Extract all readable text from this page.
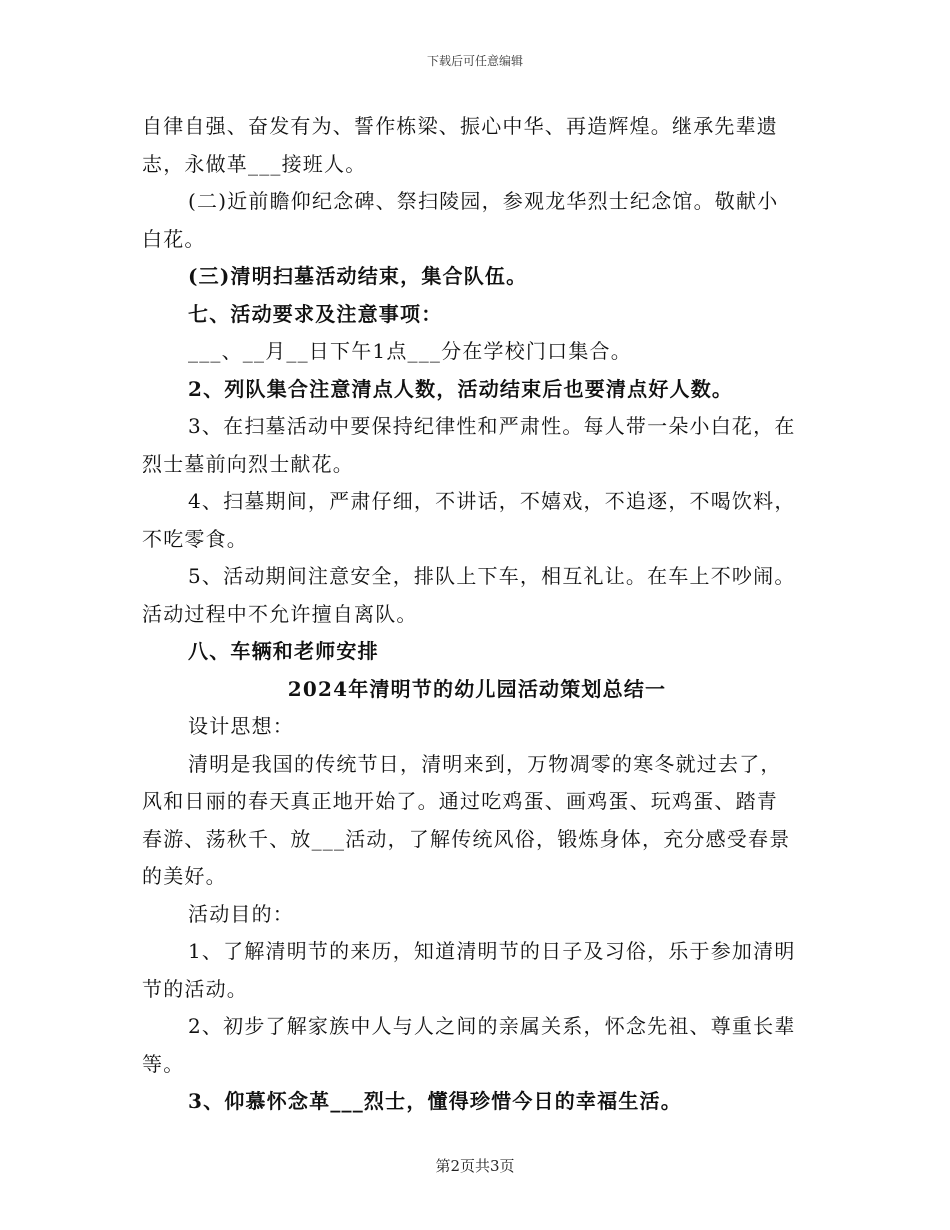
下载后可任意编辑

自律自强、奋发有为、誓作栋梁、振心中华、再造辉煌。继承先辈遗

志，永做革___接班人。

(二)近前瞻仰纪念碑、祭扫陵园，参观龙华烈士纪念馆。敬献小

白花。

(三)清明扫墓活动结束，集合队伍。

七、活动要求及注意事项：

___、__月__日下午1点___分在学校门口集合。

2、列队集合注意清点人数，活动结束后也要清点好人数。

3、在扫墓活动中要保持纪律性和严肃性。每人带一朵小白花，在

烈士墓前向烈士献花。

4、扫墓期间，严肃仔细，不讲话，不嬉戏，不追逐，不喝饮料，

不吃零食。

5、活动期间注意安全，排队上下车，相互礼让。在车上不吵闹。

活动过程中不允许擅自离队。

八、车辆和老师安排

2024年清明节的幼儿园活动策划总结一

设计思想：

清明是我国的传统节日，清明来到，万物凋零的寒冬就过去了，

风和日丽的春天真正地开始了。通过吃鸡蛋、画鸡蛋、玩鸡蛋、踏青

春游、荡秋千、放___活动，了解传统风俗，锻炼身体，充分感受春景

的美好。

活动目的：

1、了解清明节的来历，知道清明节的日子及习俗，乐于参加清明

节的活动。

2、初步了解家族中人与人之间的亲属关系，怀念先祖、尊重长辈

等。

3、仰慕怀念革___烈士，懂得珍惜今日的幸福生活。

第2页共3页
